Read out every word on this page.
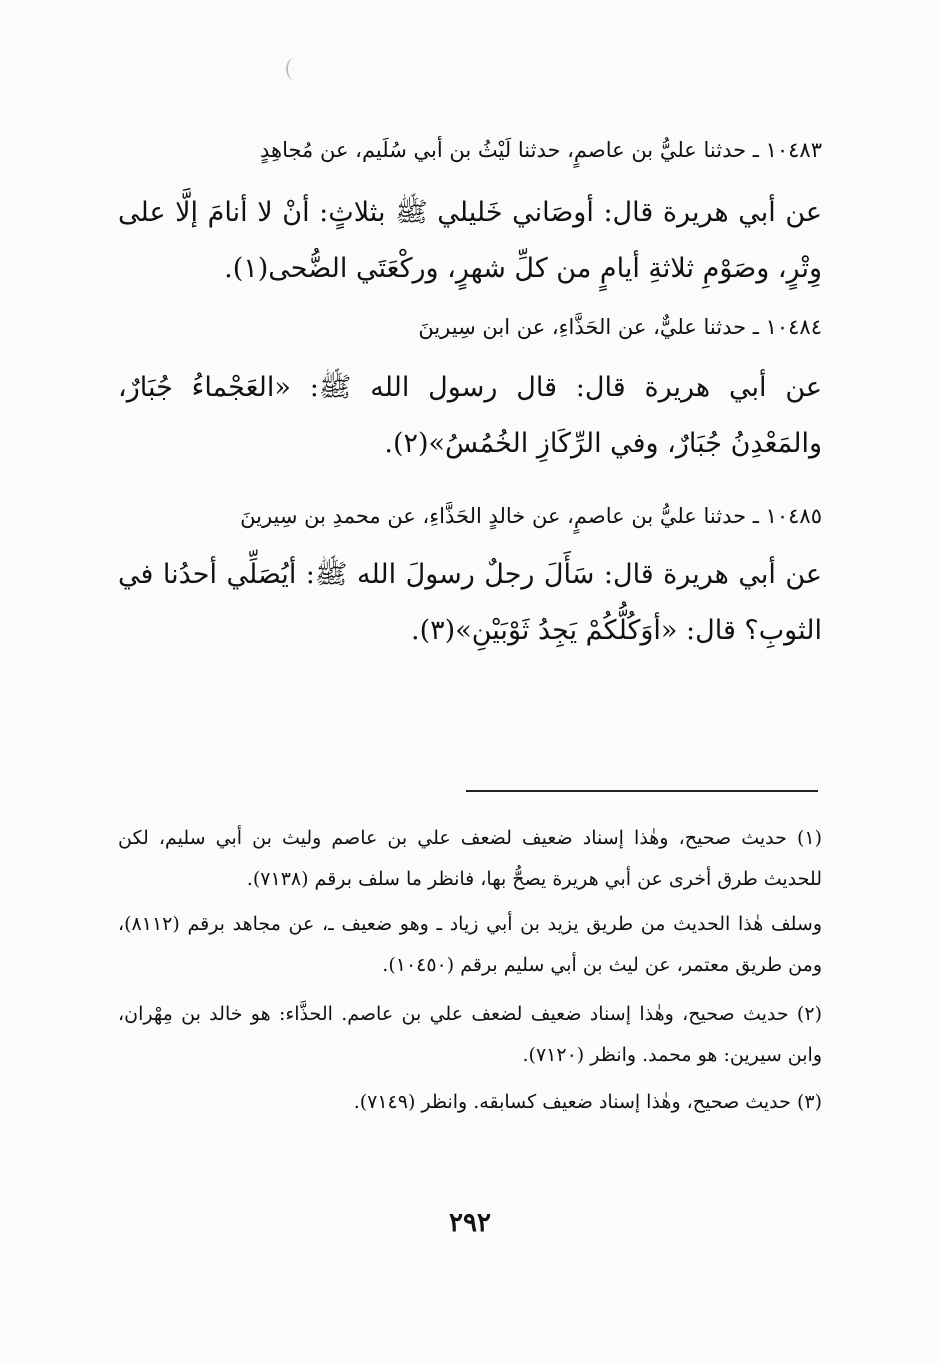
١٠٤٨٣ ـ حدثنا عليُّ بن عاصمٍ، حدثنا لَيْثُ بن أبي سُلَيم، عن مُجاهِدٍ

عن أبي هريرة قال: أوصَاني خَليلي ﷺ بثلاثٍ: أنْ لا أنامَ إلَّا على وِتْرٍ، وصَوْمِ ثلاثةِ أيامٍ من كلِّ شهرٍ، وركْعَتَي الضُّحى(١).

١٠٤٨٤ ـ حدثنا عليٌّ، عن الحَذَّاءِ، عن ابن سِيرينَ

عن أبي هريرة قال: قال رسول الله ﷺ: «العَجْماءُ جُبَارٌ، والمَعْدِنُ جُبَارٌ، وفي الرِّكَازِ الخُمُسُ»(٢).

١٠٤٨٥ ـ حدثنا عليُّ بن عاصمٍ، عن خالدٍ الحَذَّاءِ، عن محمدِ بن سِيرينَ

عن أبي هريرة قال: سَأَلَ رجلٌ رسولَ الله ﷺ: أيُصَلِّي أحدُنا في الثوبِ؟ قال: «أوَكُلُّكُمْ يَجِدُ ثَوْبَيْنِ»(٣).

(١) حديث صحيح، وهٰذا إسناد ضعيف لضعف علي بن عاصم وليث بن أبي سليم، لكن للحديث طرق أخرى عن أبي هريرة يصحُّ بها، فانظر ما سلف برقم (٧١٣٨).

وسلف هٰذا الحديث من طريق يزيد بن أبي زياد ـ وهو ضعيف ـ، عن مجاهد برقم (٨١١٢)، ومن طريق معتمر، عن ليث بن أبي سليم برقم (١٠٤٥٠).

(٢) حديث صحيح، وهٰذا إسناد ضعيف لضعف علي بن عاصم. الحذَّاء: هو خالد بن مِهْران، وابن سيرين: هو محمد. وانظر (٧١٢٠).

(٣) حديث صحيح، وهٰذا إسناد ضعيف كسابقه. وانظر (٧١٤٩).

٢٩٢
